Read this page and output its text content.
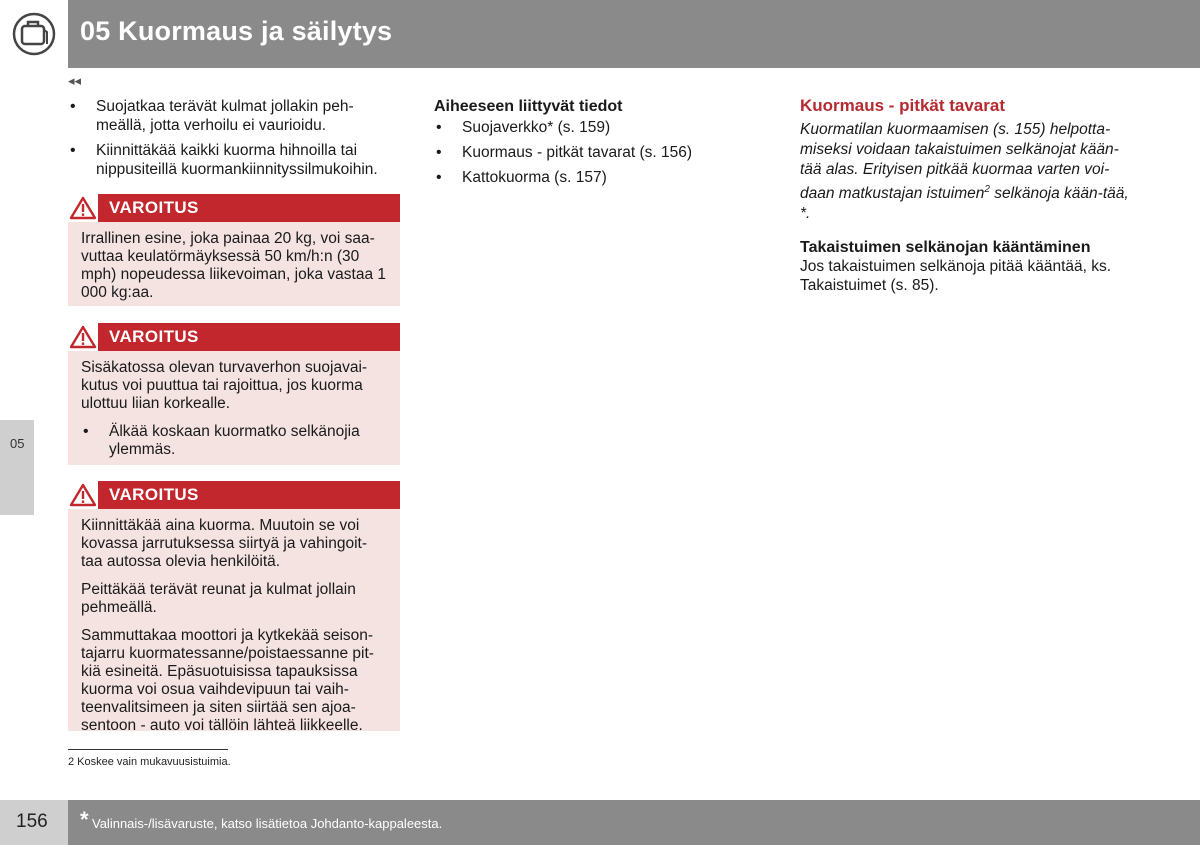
05 Kuormaus ja säilytys
◂◂
05
• Suojatkaa terävät kulmat jollakin peh-meällä, jotta verhoilu ei vaurioidu.
• Kiinnittäkää kaikki kuorma hihnoilla tai nippusiteillä kuormankiinnityssilmukoihin.
VAROITUS

Irrallinen esine, joka painaa 20 kg, voi saa-vuttaa keulatörmäyksessä 50 km/h:n (30 mph) nopeudessa liikevoiman, joka vastaa 1 000 kg:aa.

VAROITUS

Sisäkatossa olevan turvaverhon suojavai-kutus voi puuttua tai rajoittua, jos kuorma ulottuu liian korkealle.

• Älkää koskaan kuormatko selkänojia ylemmäs.
VAROITUS

Kiinnittäkää aina kuorma. Muutoin se voi kovassa jarrutuksessa siirtyä ja vahingoit-taa autossa olevia henkilöitä.

Peittäkää terävät reunat ja kulmat jollain pehmeällä.

Sammuttakaa moottori ja kytkekää seison-tajarru kuormatessanne/poistaessanne pit-kiä esineitä. Epäsuotuisissa tapauksissa kuorma voi osua vaihdevipuun tai vaih-teenvalitsimeen ja siten siirtää sen ajoa-sentoon - auto voi tällöin lähteä liikkeelle.

Aiheeseen liittyvät tiedot
• Suojaverkko* (s. 159)
• Kuormaus - pitkät tavarat (s. 156)
• Kattokuorma (s. 157)
Kuormaus - pitkät tavarat

Kuormatilan kuormaamisen (s. 155) helpotta-miseksi voidaan takaistuimen selkänojat kään-tää alas. Erityisen pitkää kuormaa varten voi-daan matkustajan istuimen$^2$ selkänoja kään-tää, *.

Takaistuimen selkänojan kääntäminen

Jos takaistuimen selkänoja pitää kääntää, ks. Takaistuimet (s. 85).

2 Koskee vain mukavuusistuimia.
156 * Valinnais-/lisävaruste, katso lisätietoa Johdanto-kappaleesta.
